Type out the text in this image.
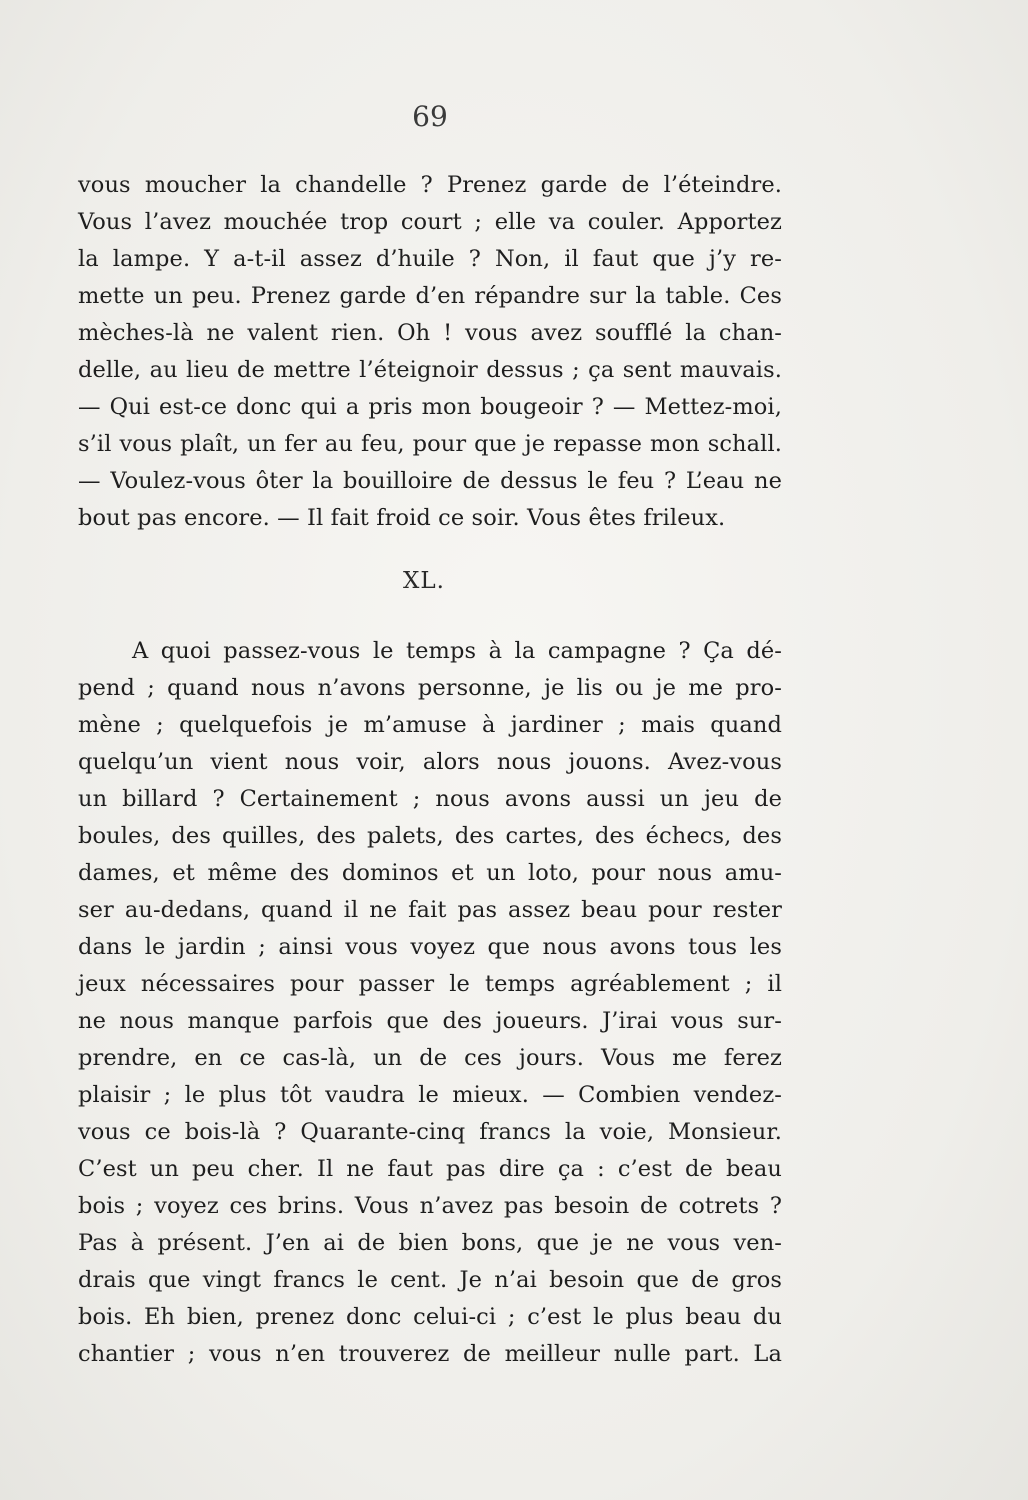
69
vous moucher la chandelle ? Prenez garde de l’éteindre.
Vous l’avez mouchée trop court ; elle va couler. Apportez
la lampe. Y a-t-il assez d’huile ? Non, il faut que j’y re-
mette un peu. Prenez garde d’en répandre sur la table. Ces
mèches-là ne valent rien. Oh ! vous avez soufflé la chan-
delle, au lieu de mettre l’éteignoir dessus ; ça sent mauvais.
— Qui est-ce donc qui a pris mon bougeoir ? — Mettez-moi,
s’il vous plaît, un fer au feu, pour que je repasse mon schall.
— Voulez-vous ôter la bouilloire de dessus le feu ? L’eau ne
bout pas encore. — Il fait froid ce soir. Vous êtes frileux.
XL.
A quoi passez-vous le temps à la campagne ? Ça dé-
pend ; quand nous n’avons personne, je lis ou je me pro-
mène ; quelquefois je m’amuse à jardiner ; mais quand
quelqu’un vient nous voir, alors nous jouons. Avez-vous
un billard ? Certainement ; nous avons aussi un jeu de
boules, des quilles, des palets, des cartes, des échecs, des
dames, et même des dominos et un loto, pour nous amu-
ser au-dedans, quand il ne fait pas assez beau pour rester
dans le jardin ; ainsi vous voyez que nous avons tous les
jeux nécessaires pour passer le temps agréablement ; il
ne nous manque parfois que des joueurs. J’irai vous sur-
prendre, en ce cas-là, un de ces jours. Vous me ferez
plaisir ; le plus tôt vaudra le mieux. — Combien vendez-
vous ce bois-là ? Quarante-cinq francs la voie, Monsieur.
C’est un peu cher. Il ne faut pas dire ça : c’est de beau
bois ; voyez ces brins. Vous n’avez pas besoin de cotrets ?
Pas à présent. J’en ai de bien bons, que je ne vous ven-
drais que vingt francs le cent. Je n’ai besoin que de gros
bois. Eh bien, prenez donc celui-ci ; c’est le plus beau du
chantier ; vous n’en trouverez de meilleur nulle part. La
